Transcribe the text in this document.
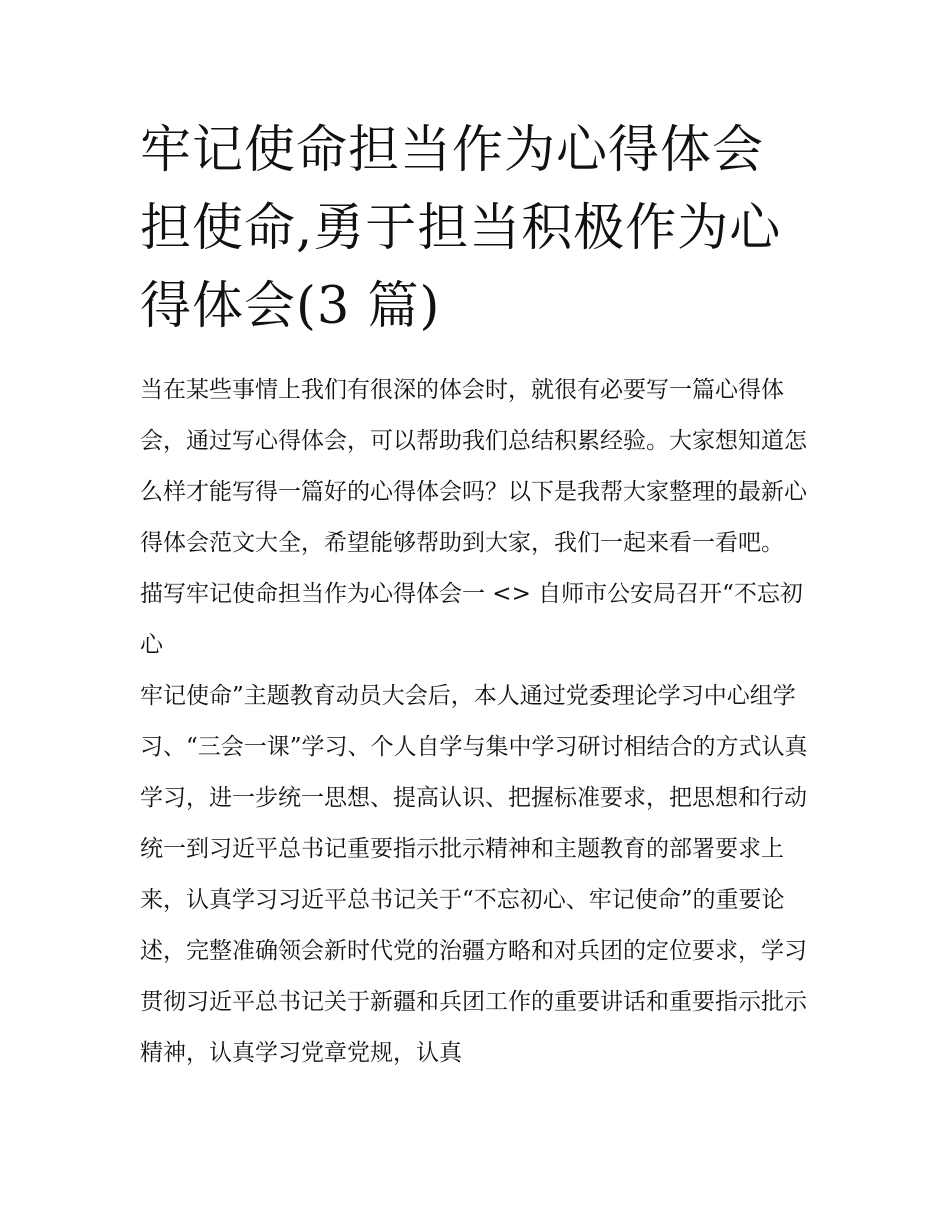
牢记使命担当作为心得体会 担使命,勇于担当积极作为心得体会(3 篇)

当在某些事情上我们有很深的体会时，就很有必要写一篇心得体会，通过写心得体会，可以帮助我们总结积累经验。大家想知道怎么样才能写得一篇好的心得体会吗？以下是我帮大家整理的最新心得体会范文大全，希望能够帮助到大家，我们一起来看一看吧。

描写牢记使命担当作为心得体会一 <> 自师市公安局召开“不忘初心

牢记使命”主题教育动员大会后，本人通过党委理论学习中心组学习、“三会一课”学习、个人自学与集中学习研讨相结合的方式认真学习，进一步统一思想、提高认识、把握标准要求，把思想和行动统一到习近平总书记重要指示批示精神和主题教育的部署要求上来，认真学习习近平总书记关于“不忘初心、牢记使命”的重要论述，完整准确领会新时代党的治疆方略和对兵团的定位要求，学习贯彻习近平总书记关于新疆和兵团工作的重要讲话和重要指示批示精神，认真学习党章党规，认真
